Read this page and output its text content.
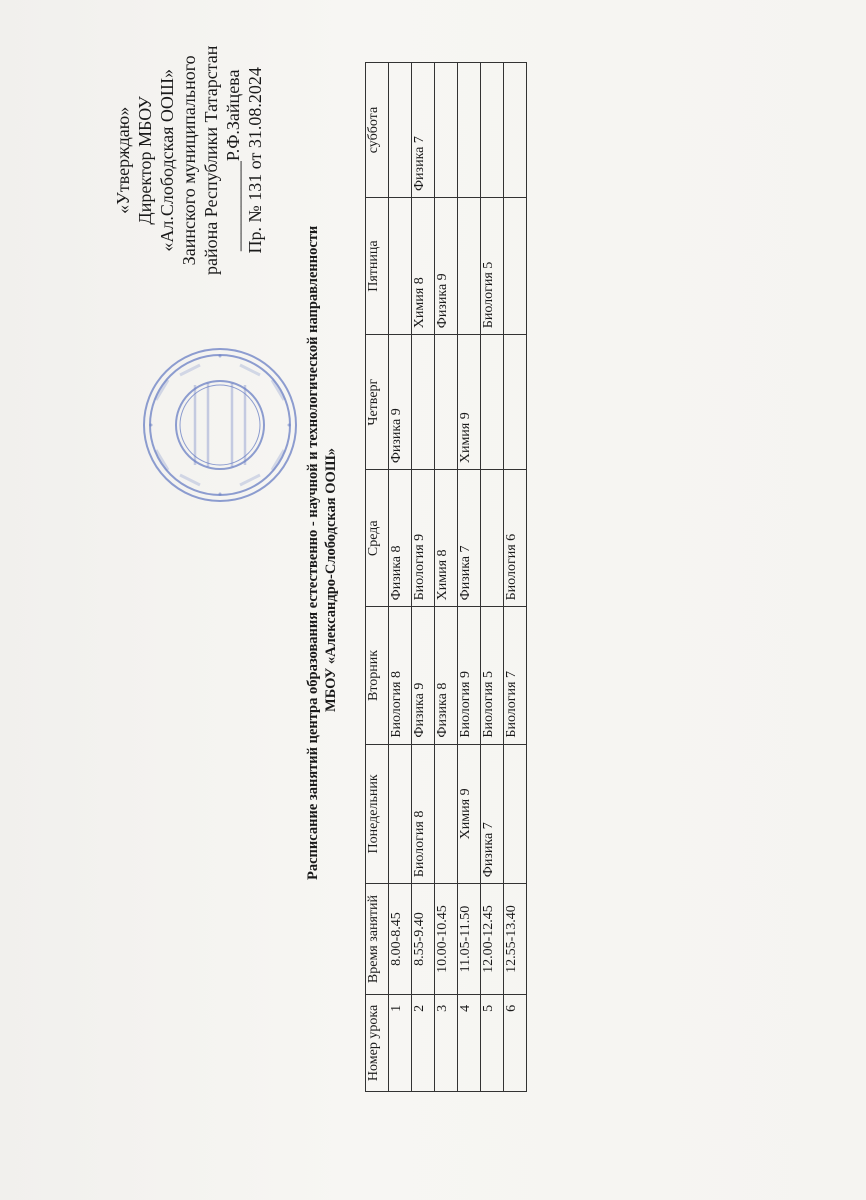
«Утверждаю» Директор МБОУ «Ал.Слободская ООШ» Заинского муниципального района Республики Татарстан __________Р.Ф.Зайцева Пр. № 131 от 31.08.2024
Расписание занятий центра образования естественно - научной и технологической направленности МБОУ «Александро-Слободская ООШ»
Номер урока	Время занятий	Понедельник	Вторник	Среда	Четверг	Пятница	суббота
1	8.00-8.45		Биология 8	Физика 8	Физика 9		
2	8.55-9.40	Биология 8	Физика 9	Биология 9		Химия 8	Физика 7
3	10.00-10.45		Физика 8	Химия 8		Физика 9	
4	11.05-11.50	Химия 9	Биология 9	Физика 7	Химия 9		
5	12.00-12.45	Физика 7	Биология 5			Биология 5	
6	12.55-13.40		Биология 7	Биология 6			
